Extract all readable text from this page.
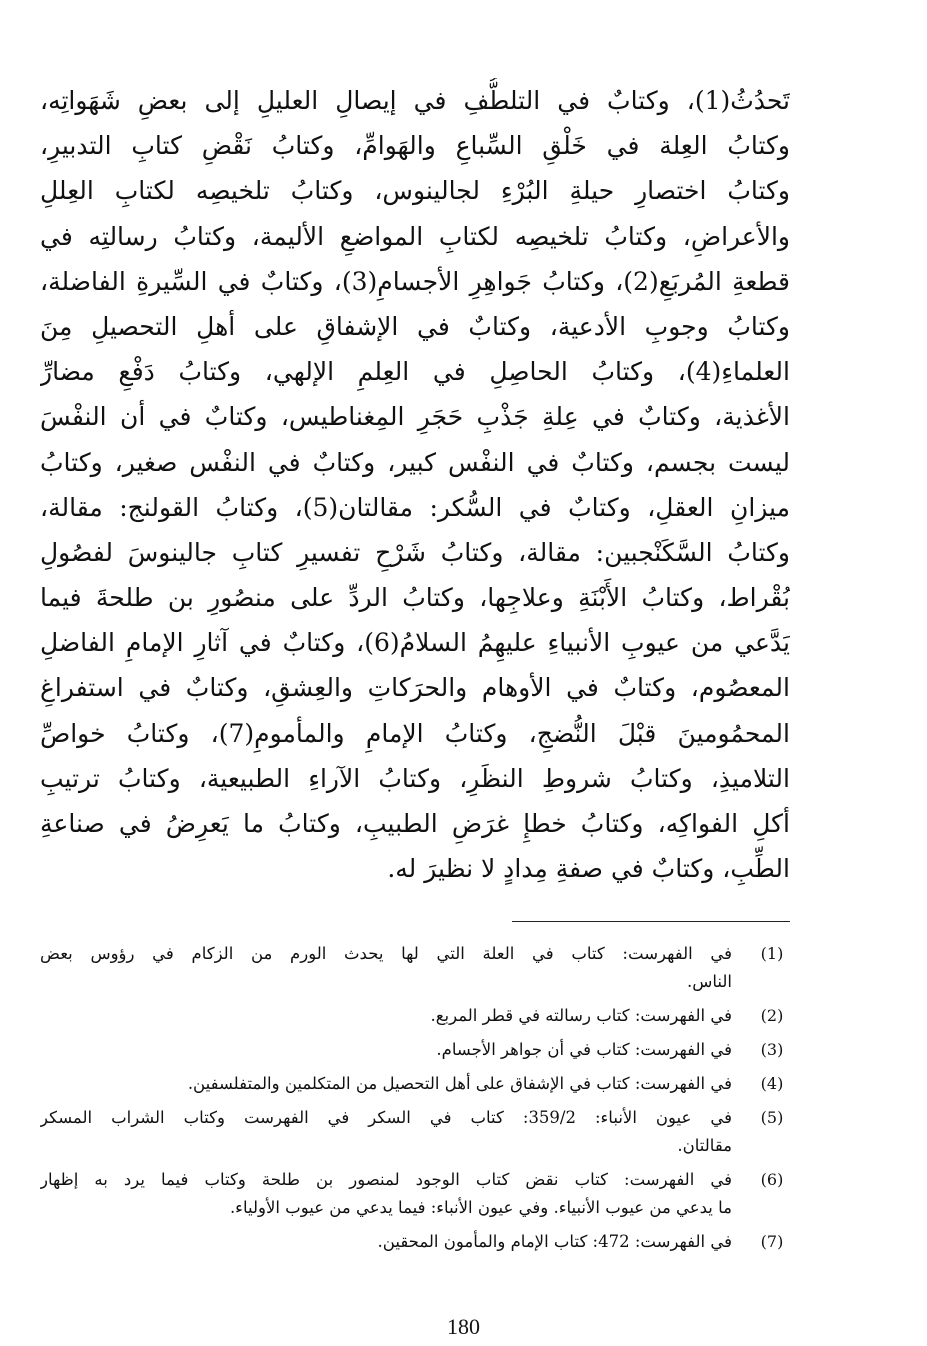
تَحدُثُ(1)، وكتابٌ في التلطُّفِ في إيصالِ العليلِ إلى بعضِ شَهَواتِه،
وكتابُ العِلة في خَلْقِ السِّباعِ والهَوامِّ، وكتابُ نَقْضِ كتابِ التدبيرِ،
وكتابُ اختصارِ حيلةِ البُرْءِ لجالينوس، وكتابُ تلخيصِه لكتابِ العِللِ
والأعراضِ، وكتابُ تلخيصِه لكتابِ المواضعِ الأليمة، وكتابُ رسالتِه في
قطعةِ المُربَعِ(2)، وكتابُ جَواهِرِ الأجسامِ(3)، وكتابٌ في السِّيرةِ الفاضلة،
وكتابُ وجوبِ الأدعية، وكتابٌ في الإشفاقِ على أهلِ التحصيلِ مِنَ
العلماءِ(4)، وكتابُ الحاصِلِ في العِلمِ الإلهي، وكتابُ دَفْعِ مضارِّ
الأغذية، وكتابٌ في عِلةِ جَذْبِ حَجَرِ المِغناطيس، وكتابٌ في أن النفْسَ
ليست بجسم، وكتابٌ في النفْس كبير، وكتابٌ في النفْس صغير، وكتابُ
ميزانِ العقلِ، وكتابٌ في السُّكر: مقالتان(5)، وكتابُ القولنج: مقالة،
وكتابُ السَّكَنْجبين: مقالة، وكتابُ شَرْحِ تفسيرِ كتابِ جالينوسَ لفصُولِ
بُقْراط، وكتابُ الأَبْنَةِ وعلاجِها، وكتابُ الردِّ على منصُورِ بن طلحةَ فيما
يَدَّعي من عيوبِ الأنبياءِ عليهِمُ السلامُ(6)، وكتابٌ في آثارِ الإمامِ الفاضلِ
المعصُوم، وكتابٌ في الأوهام والحرَكاتِ والعِشقِ، وكتابٌ في استفراغِ
المحمُومينَ قبْلَ النُّضجِ، وكتابُ الإمامِ والمأمومِ(7)، وكتابُ خواصِّ
التلاميذِ، وكتابُ شروطِ النظَرِ، وكتابُ الآراءِ الطبيعية، وكتابُ ترتيبِ
أكلِ الفواكِه، وكتابُ خطإِ غرَضِ الطبيبِ، وكتابُ ما يَعرِضُ في صناعةِ
الطِّبِ، وكتابٌ في صفةِ مِدادٍ لا نظيرَ له.
(1)
في الفهرست: كتاب في العلة التي لها يحدث الورم من الزكام في رؤوس بعض
الناس.
(2)
في الفهرست: كتاب رسالته في قطر المربع.
(3)
في الفهرست: كتاب في أن جواهر الأجسام.
(4)
في الفهرست: كتاب في الإشفاق على أهل التحصيل من المتكلمين والمتفلسفين.
(5)
في عيون الأنباء: 359/2: كتاب في السكر في الفهرست وكتاب الشراب المسكر
مقالتان.
(6)
في الفهرست: كتاب نقض كتاب الوجود لمنصور بن طلحة وكتاب فيما يرد به إظهار
ما يدعي من عيوب الأنبياء. وفي عيون الأنباء: فيما يدعي من عيوب الأولياء.
(7)
في الفهرست: 472: كتاب الإمام والمأمون المحقين.
180
